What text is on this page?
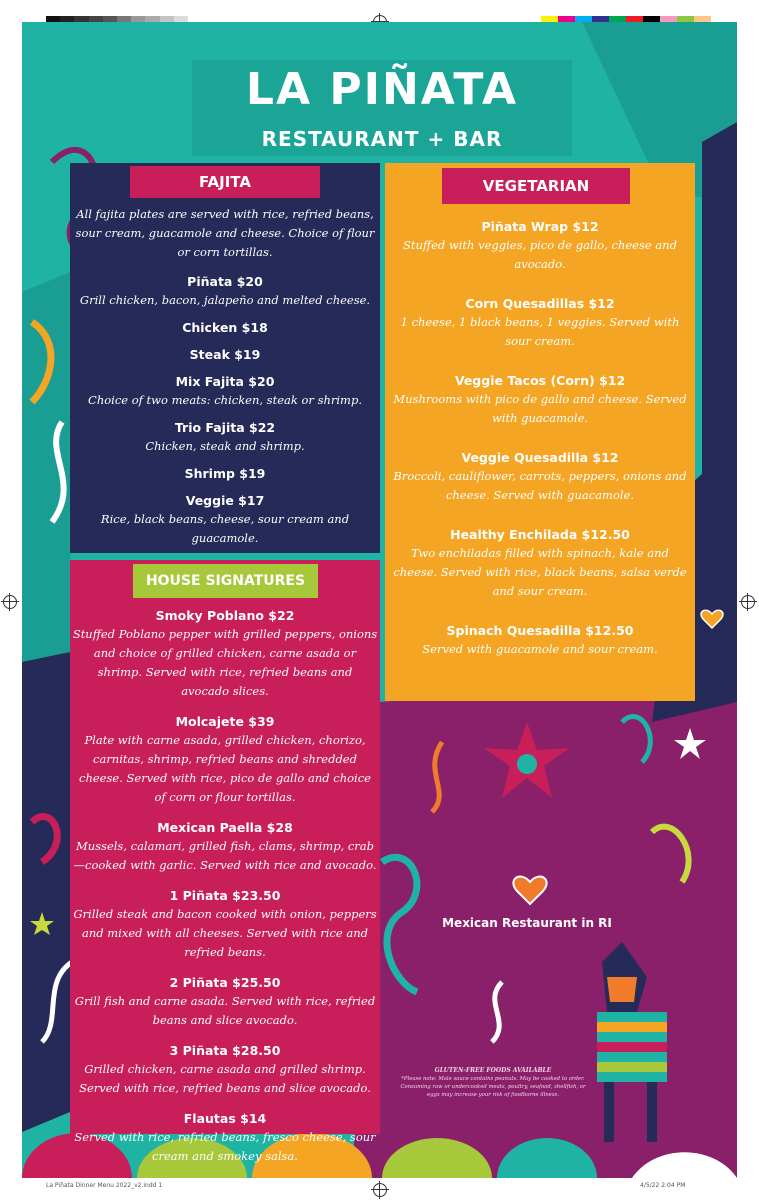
LA PIÑATA
RESTAURANT + BAR
FAJITA
All fajita plates are served with rice, refried beans, sour cream, guacamole and cheese. Choice of flour or corn tortillas.
Piñata $20
Grill chicken, bacon, jalapeño and melted cheese.
Chicken $18
Steak $19
Mix Fajita $20
Choice of two meats: chicken, steak or shrimp.
Trio Fajita $22
Chicken, steak and shrimp.
Shrimp $19
Veggie $17
Rice, black beans, cheese, sour cream and guacamole.
VEGETARIAN
Piñata Wrap $12
Stuffed with veggies, pico de gallo, cheese and avocado.
Corn Quesadillas $12
1 cheese, 1 black beans, 1 veggies. Served with sour cream.
Veggie Tacos (Corn) $12
Mushrooms with pico de gallo and cheese. Served with guacamole.
Veggie Quesadilla $12
Broccoli, cauliflower, carrots, peppers, onions and cheese. Served with guacamole.
Healthy Enchilada $12.50
Two enchiladas filled with spinach, kale and cheese. Served with rice, black beans, salsa verde and sour cream.
Spinach Quesadilla $12.50
Served with guacamole and sour cream.
HOUSE SIGNATURES
Smoky Poblano $22
Stuffed Poblano pepper with grilled peppers, onions and choice of grilled chicken, carne asada or shrimp. Served with rice, refried beans and avocado slices.
Molcajete $39
Plate with carne asada, grilled chicken, chorizo, carnitas, shrimp, refried beans and shredded cheese. Served with rice, pico de gallo and choice of corn or flour tortillas.
Mexican Paella $28
Mussels, calamari, grilled fish, clams, shrimp, crab—cooked with garlic. Served with rice and avocado.
1 Piñata $23.50
Grilled steak and bacon cooked with onion, peppers and mixed with all cheeses. Served with rice and refried beans.
2 Piñata $25.50
Grill fish and carne asada. Served with rice, refried beans and slice avocado.
3 Piñata $28.50
Grilled chicken, carne asada and grilled shrimp. Served with rice, refried beans and slice avocado.
Flautas $14
Served with rice, refried beans, fresco cheese, sour cream and smokey salsa.
Mexican Restaurant in RI
GLUTEN-FREE FOODS AVAILABLE
*Please note: Male sauce contains peanuts. May be cooked to order. Consuming raw or undercooked meats, poultry, seafood, shellfish, or eggs may increase your risk of foodborne illness.
La Piñata Dinner Menu 2022_v2.indd 1	4/5/22 2:04 PM
